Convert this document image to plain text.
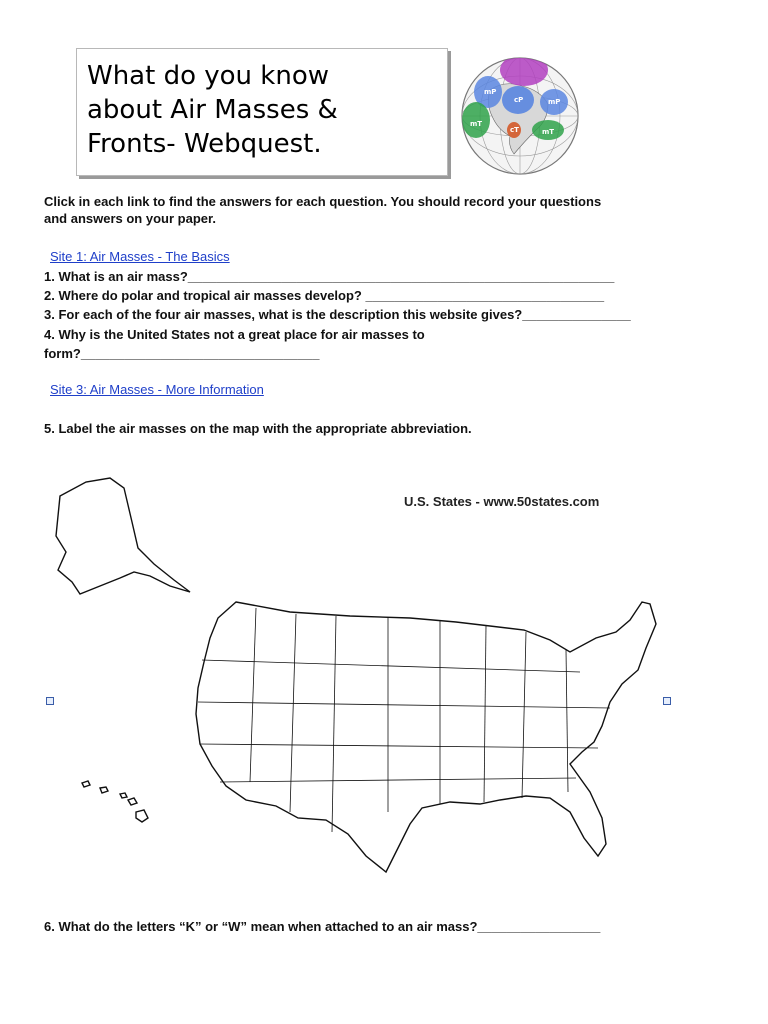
What do you know
about Air Masses &
Fronts- Webquest.
mP
cP	mP
mT
cT	mT
Click in each link to find the answers for each question. You should record your questions
and answers on your paper.
Site 1: Air Masses - The Basics
1. What is an air mass?___________________________________________________________
2. Where do polar and tropical air masses develop? _________________________________
3. For each of the four air masses, what is the description this website gives?_______________
4. Why is the United States not a great place for air masses to
form?_________________________________
Site 3: Air Masses - More Information
5. Label the air masses on the map with the appropriate abbreviation.
U.S. States - www.50states.com
6. What do the letters “K” or “W” mean when attached to an air mass?_________________
